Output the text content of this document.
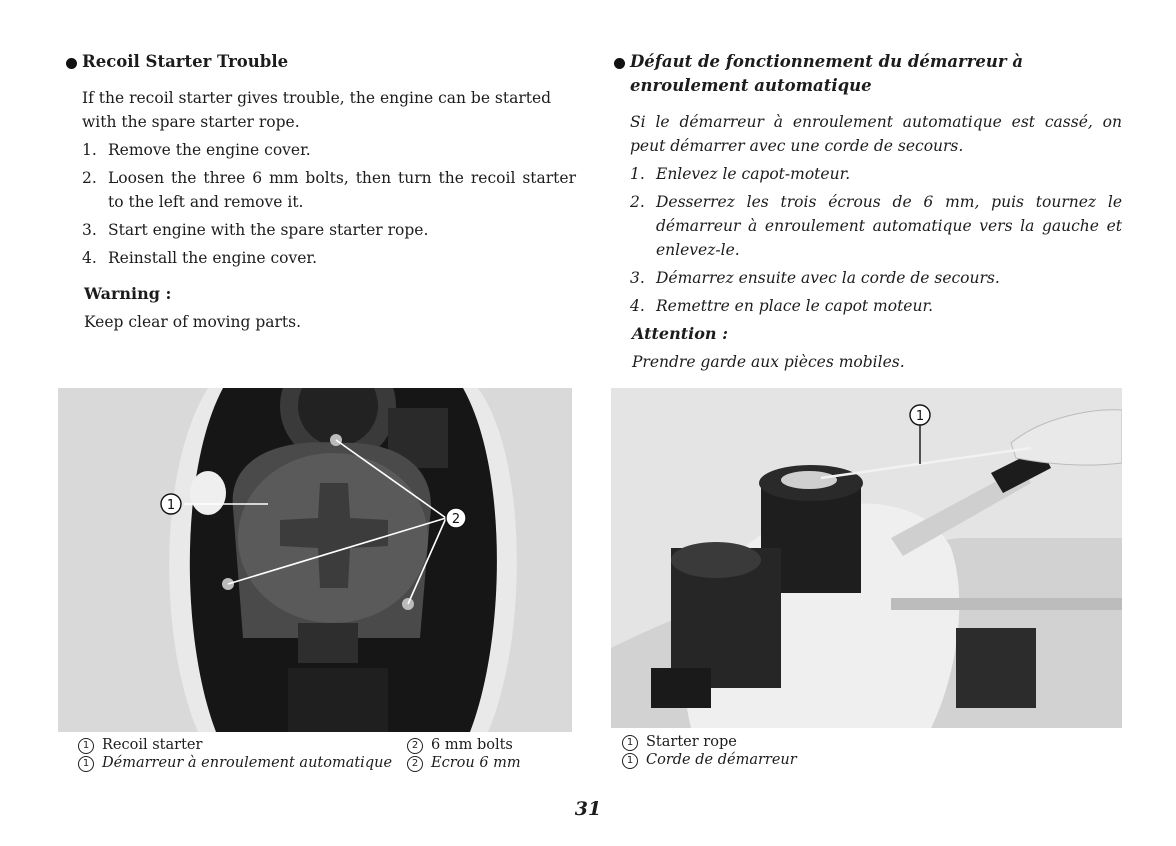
Recoil Starter Trouble

If the recoil starter gives trouble, the engine can be started with the spare starter rope.

1. Remove the engine cover.
2. Loosen the three 6 mm bolts, then turn the recoil starter to the left and remove it.
3. Start engine with the spare starter rope.
4. Reinstall the engine cover.
Warning :
Keep clear of moving parts.
Défaut de fonctionnement du démarreur à enroulement automatique

Si le démarreur à enroulement automatique est cassé, on peut démarrer avec une corde de secours.

1. Enlevez le capot-moteur.
2. Desserrez les trois écrous de 6 mm, puis tournez le démarreur à enroulement automatique vers la gauche et enlevez-le.
3. Démarrez ensuite avec la corde de secours.
4. Remettre en place le capot moteur.
Attention :
Prendre garde aux pièces mobiles.
1
2
1 Recoil starter
1 Démarreur à enroulement automatique
2 6 mm bolts
2 Ecrou 6 mm
1
1 Starter rope
1 Corde de démarreur
31
